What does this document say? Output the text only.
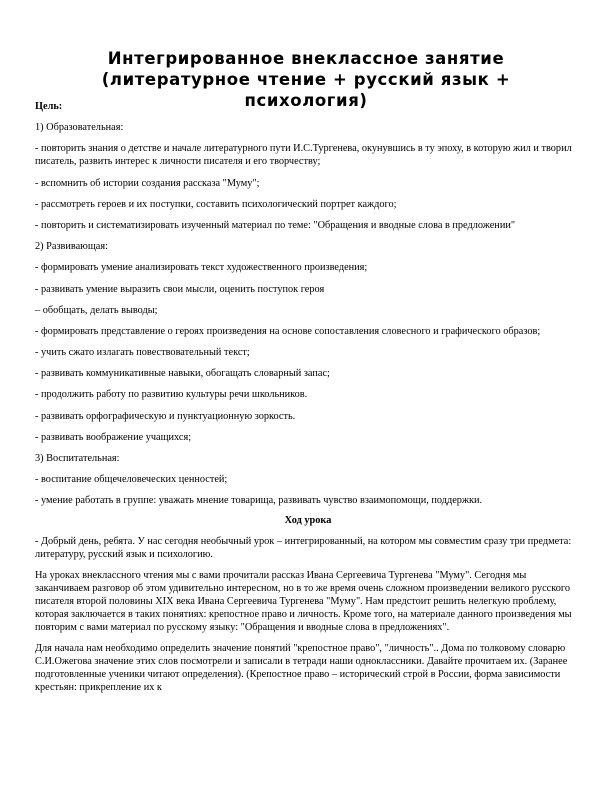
Интегрированное внеклассное занятие (литературное чтение + русский язык + психология)

Цель:

1) Образовательная:

- повторить знания о детстве и начале литературного пути И.С.Тургенева, окунувшись в ту эпоху, в которую жил и творил писатель, развить интерес к личности писателя и его творчеству;

- вспомнить об истории создания рассказа "Муму";

- рассмотреть героев и их поступки, составить психологический портрет каждого;

- повторить и систематизировать изученный материал по теме: "Обращения и вводные слова в предложении"

2) Развивающая:

- формировать умение анализировать текст художественного произведения;

- развивать умение выразить свои мысли, оценить поступок героя

– обобщать, делать выводы;

- формировать представление о героях произведения на основе сопоставления словесного и графического образов;

- учить сжато излагать повествовательный текст;

- развивать коммуникативные навыки, обогащать словарный запас;

- продолжить работу по развитию культуры речи школьников.

- развивать орфографическую и пунктуационную зоркость.

- развивать воображение учащихся;

3) Воспитательная:

- воспитание общечеловеческих ценностей;

- умение работать в группе: уважать мнение товарища, развивать чувство взаимопомощи, поддержки.

Ход урока

- Добрый день, ребята. У нас сегодня необычный урок – интегрированный, на котором мы совместим сразу три предмета: литературу, русский язык и психологию.

На уроках внеклассного чтения мы с вами прочитали рассказ Ивана Сергеевича Тургенева "Муму". Сегодня мы заканчиваем разговор об этом удивительно интересном, но в то же время очень сложном произведении великого русского писателя второй половины XIX века Ивана Сергеевича Тургенева "Муму". Нам предстоит решить нелегкую проблему, которая заключается в таких понятиях: крепостное право и личность. Кроме того, на материале данного произведения мы повторим с вами материал по русскому языку: "Обращения и вводные слова в предложениях".

Для начала нам необходимо определить значение понятий "крепостное право", "личность".. Дома по толковому словарю С.И.Ожегова значение этих слов посмотрели и записали в тетради наши одноклассники. Давайте прочитаем их. (Заранее подготовленные ученики читают определения). (Крепостное право – исторический строй в России, форма зависимости крестьян: прикрепление их к
